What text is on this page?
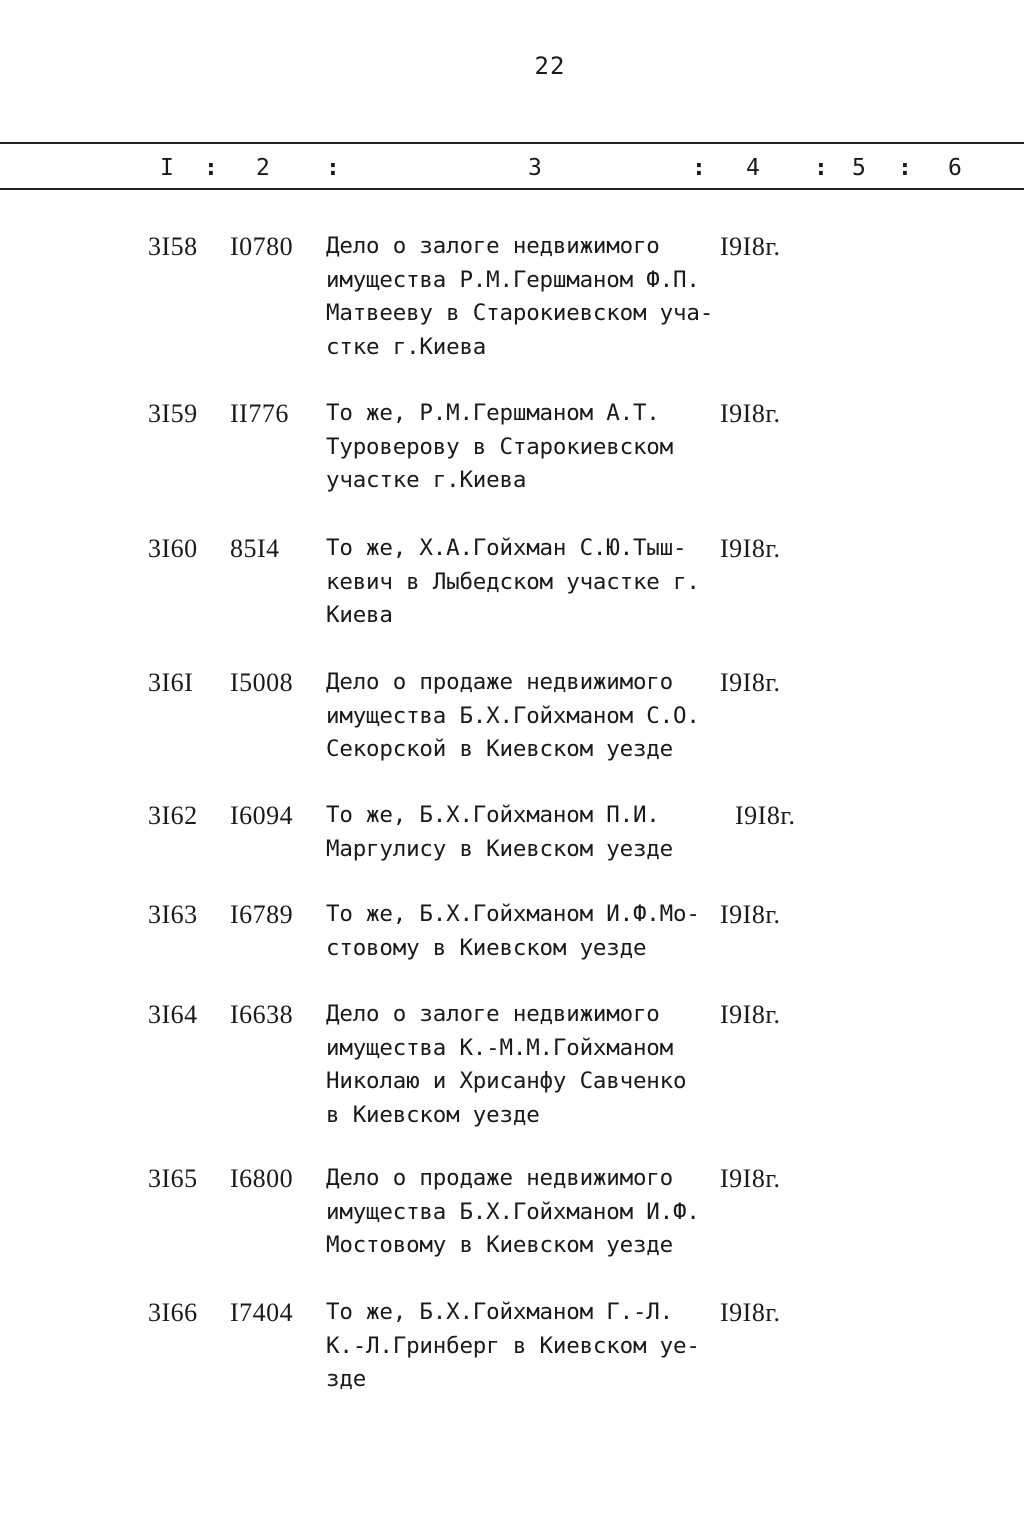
22
I : 2 :	3	: 4 : 5 : 6
3I58 I0780 Дело о залоге недвижимого
имущества Р.М.Гершманом Ф.П.
Матвееву в Старокиевском уча-
стке г.Киева
I9I8г.
3I59 II776 То же, Р.М.Гершманом А.Т.
Туроверову в Старокиевском
участке г.Киева
I9I8г.
3I60 85I4 То же, Х.А.Гойхман С.Ю.Тыш-
кевич в Лыбедском участке г.
Киева
I9I8г.
3I6I I5008 Дело о продаже недвижимого
имущества Б.Х.Гойхманом С.О.
Секорской в Киевском уезде
I9I8г.
3I62 I6094 То же, Б.Х.Гойхманом П.И.
Маргулису в Киевском уезде
I9I8г.
3I63 I6789 То же, Б.Х.Гойхманом И.Ф.Мо-
стовому в Киевском уезде
I9I8г.
3I64 I6638 Дело о залоге недвижимого
имущества К.-М.М.Гойхманом
Николаю и Хрисанфу Савченко
в Киевском уезде
I9I8г.
3I65 I6800 Дело о продаже недвижимого
имущества Б.Х.Гойхманом И.Ф.
Мостовому в Киевском уезде
I9I8г.
3I66 I7404 То же, Б.Х.Гойхманом Г.-Л.
К.-Л.Гринберг в Киевском уе-
зде
I9I8г.
